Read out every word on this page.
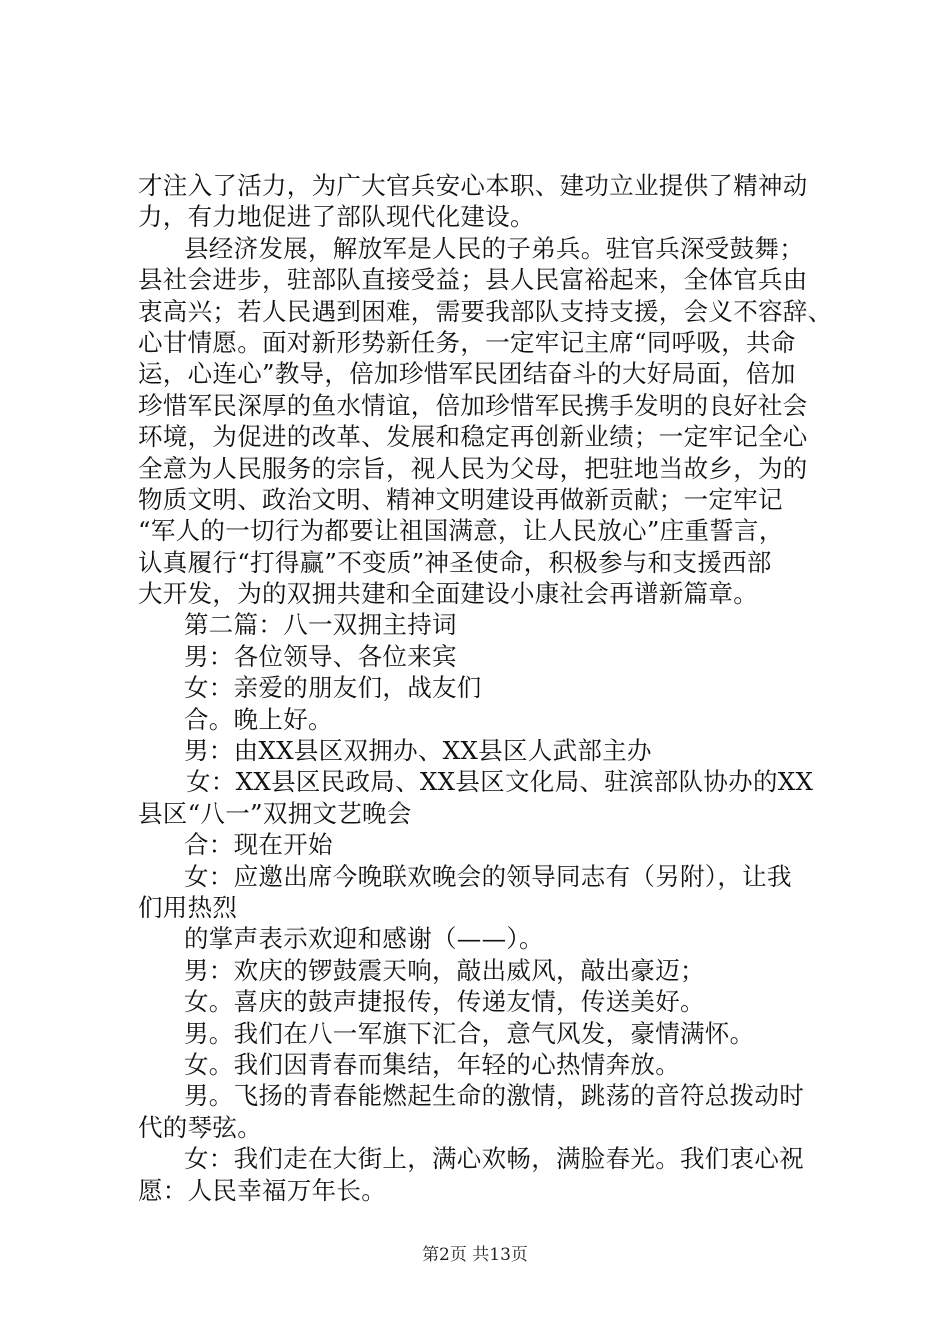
才注入了活力，为广大官兵安心本职、建功立业提供了精神动
力，有力地促进了部队现代化建设。
县经济发展，解放军是人民的子弟兵。驻官兵深受鼓舞；
县社会进步，驻部队直接受益；县人民富裕起来，全体官兵由
衷高兴；若人民遇到困难，需要我部队支持支援，会义不容辞、
心甘情愿。面对新形势新任务，一定牢记主席“同呼吸，共命
运，心连心”教导，倍加珍惜军民团结奋斗的大好局面，倍加
珍惜军民深厚的鱼水情谊，倍加珍惜军民携手发明的良好社会
环境，为促进的改革、发展和稳定再创新业绩；一定牢记全心
全意为人民服务的宗旨，视人民为父母，把驻地当故乡，为的
物质文明、政治文明、精神文明建设再做新贡献；一定牢记
“军人的一切行为都要让祖国满意，让人民放心”庄重誓言，
认真履行“打得赢”不变质”神圣使命，积极参与和支援西部
大开发，为的双拥共建和全面建设小康社会再谱新篇章。
第二篇：八一双拥主持词
男：各位领导、各位来宾
女：亲爱的朋友们，战友们
合。晚上好。
男：由XX县区双拥办、XX县区人武部主办
女：XX县区民政局、XX县区文化局、驻滨部队协办的XX
县区“八一”双拥文艺晚会
合：现在开始
女：应邀出席今晚联欢晚会的领导同志有（另附），让我
们用热烈
的掌声表示欢迎和感谢（——）。
男：欢庆的锣鼓震天响，敲出威风，敲出豪迈；
女。喜庆的鼓声捷报传，传递友情，传送美好。
男。我们在八一军旗下汇合，意气风发，豪情满怀。
女。我们因青春而集结，年轻的心热情奔放。
男。飞扬的青春能燃起生命的激情，跳荡的音符总拨动时
代的琴弦。
女：我们走在大街上，满心欢畅，满脸春光。我们衷心祝
愿：人民幸福万年长。
第2页 共13页
